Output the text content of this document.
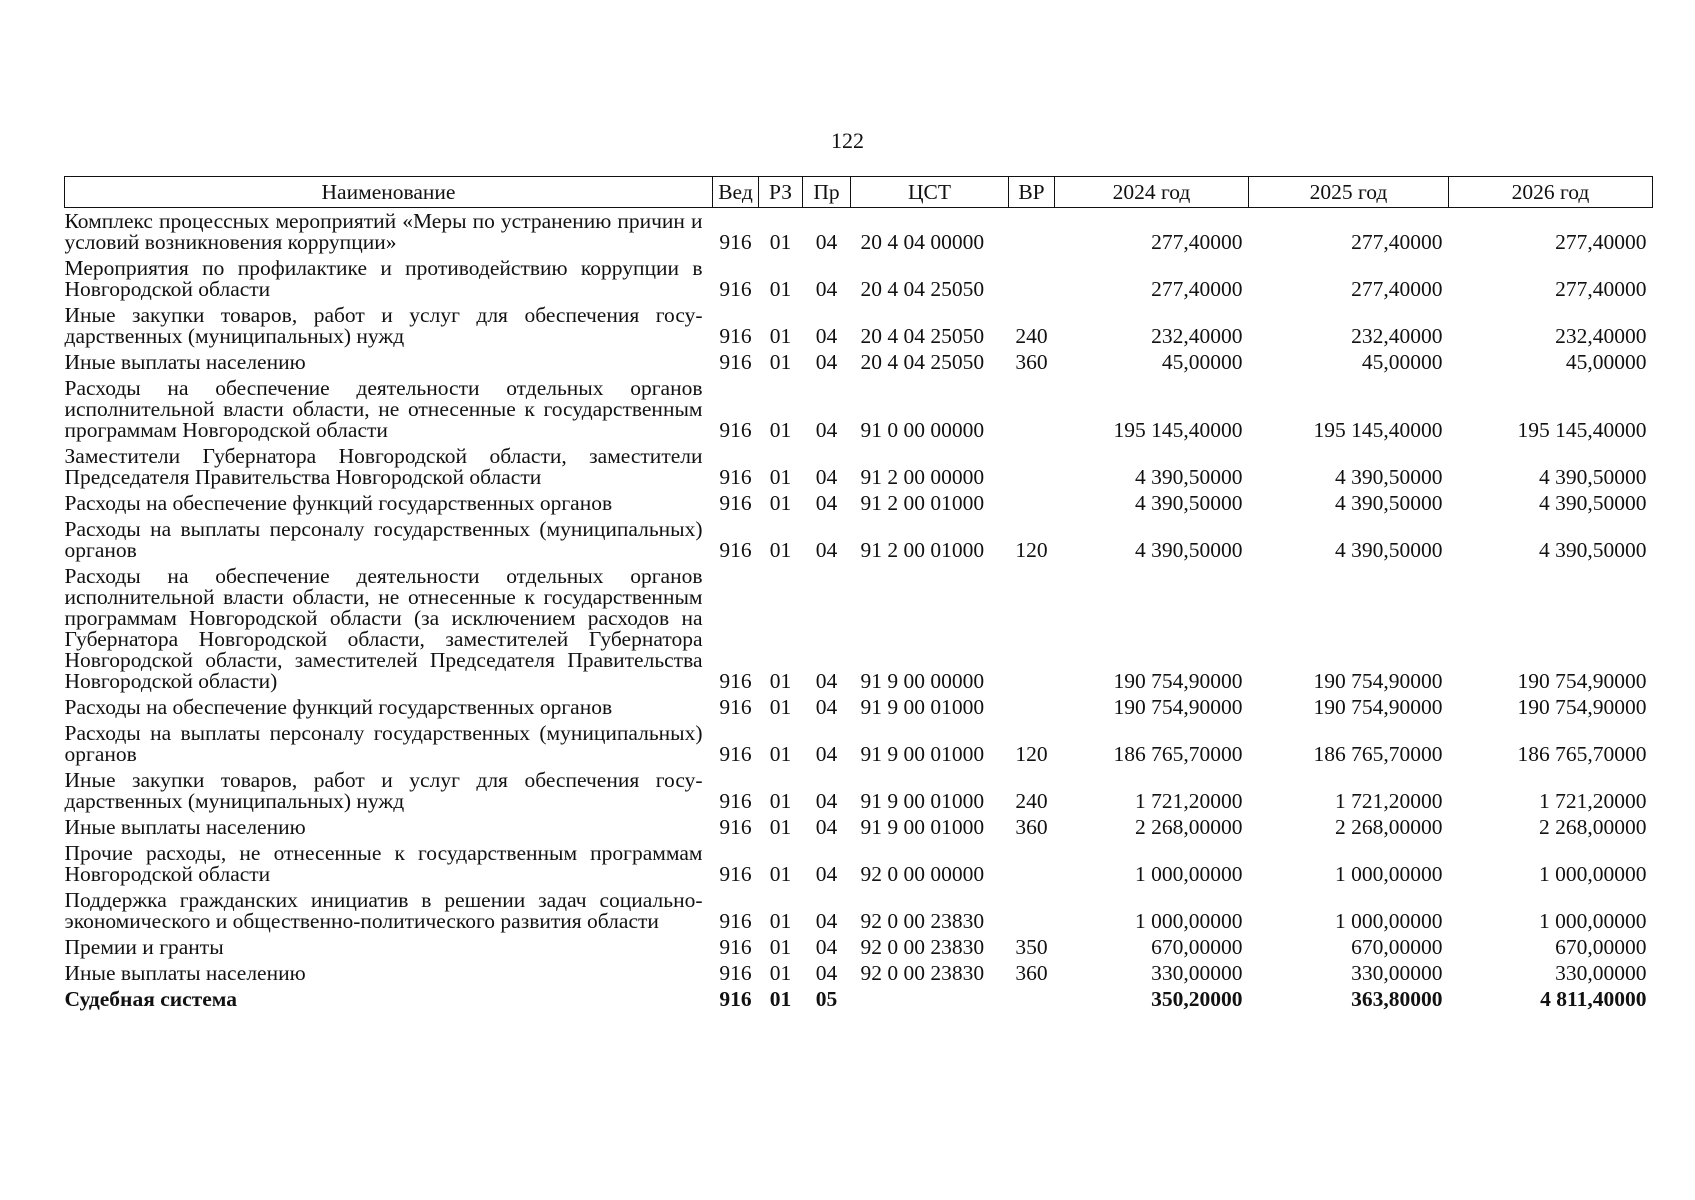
122
Наименование	Вед	РЗ	Пр	ЦСТ	ВР	2024 год	2025 год	2026 год
Комплекс процессных мероприятий «Меры по устранению причин и условий возникновения коррупции»	916	01	04	20 4 04 00000		277,40000	277,40000	277,40000
Мероприятия по профилактике и противодействию коррупции в Новгородской области	916	01	04	20 4 04 25050		277,40000	277,40000	277,40000
Иные закупки товаров, работ и услуг для обеспечения государственных (муниципальных) нужд	916	01	04	20 4 04 25050	240	232,40000	232,40000	232,40000
Иные выплаты населению	916	01	04	20 4 04 25050	360	45,00000	45,00000	45,00000
Расходы на обеспечение деятельности отдельных органов исполнительной власти области, не отнесенные к государственным программам Новгородской области	916	01	04	91 0 00 00000		195 145,40000	195 145,40000	195 145,40000
Заместители Губернатора Новгородской области, заместители Председателя Правительства Новгородской области	916	01	04	91 2 00 00000		4 390,50000	4 390,50000	4 390,50000
Расходы на обеспечение функций государственных органов	916	01	04	91 2 00 01000		4 390,50000	4 390,50000	4 390,50000
Расходы на выплаты персоналу государственных (муниципальных) органов	916	01	04	91 2 00 01000	120	4 390,50000	4 390,50000	4 390,50000
Расходы на обеспечение деятельности отдельных органов исполнительной власти области, не отнесенные к государственным программам Новгородской области (за исключением расходов на Губернатора Новгородской области, заместителей Губернатора Новгородской области, заместителей Председателя Правительства Новгородской области)	916	01	04	91 9 00 00000		190 754,90000	190 754,90000	190 754,90000
Расходы на обеспечение функций государственных органов	916	01	04	91 9 00 01000		190 754,90000	190 754,90000	190 754,90000
Расходы на выплаты персоналу государственных (муниципальных) органов	916	01	04	91 9 00 01000	120	186 765,70000	186 765,70000	186 765,70000
Иные закупки товаров, работ и услуг для обеспечения государственных (муниципальных) нужд	916	01	04	91 9 00 01000	240	1 721,20000	1 721,20000	1 721,20000
Иные выплаты населению	916	01	04	91 9 00 01000	360	2 268,00000	2 268,00000	2 268,00000
Прочие расходы, не отнесенные к государственным программам Новгородской области	916	01	04	92 0 00 00000		1 000,00000	1 000,00000	1 000,00000
Поддержка гражданских инициатив в решении задач социально-экономического и общественно-политического развития области	916	01	04	92 0 00 23830		1 000,00000	1 000,00000	1 000,00000
Премии и гранты	916	01	04	92 0 00 23830	350	670,00000	670,00000	670,00000
Иные выплаты населению	916	01	04	92 0 00 23830	360	330,00000	330,00000	330,00000
Судебная система	916	01	05			350,20000	363,80000	4 811,40000
